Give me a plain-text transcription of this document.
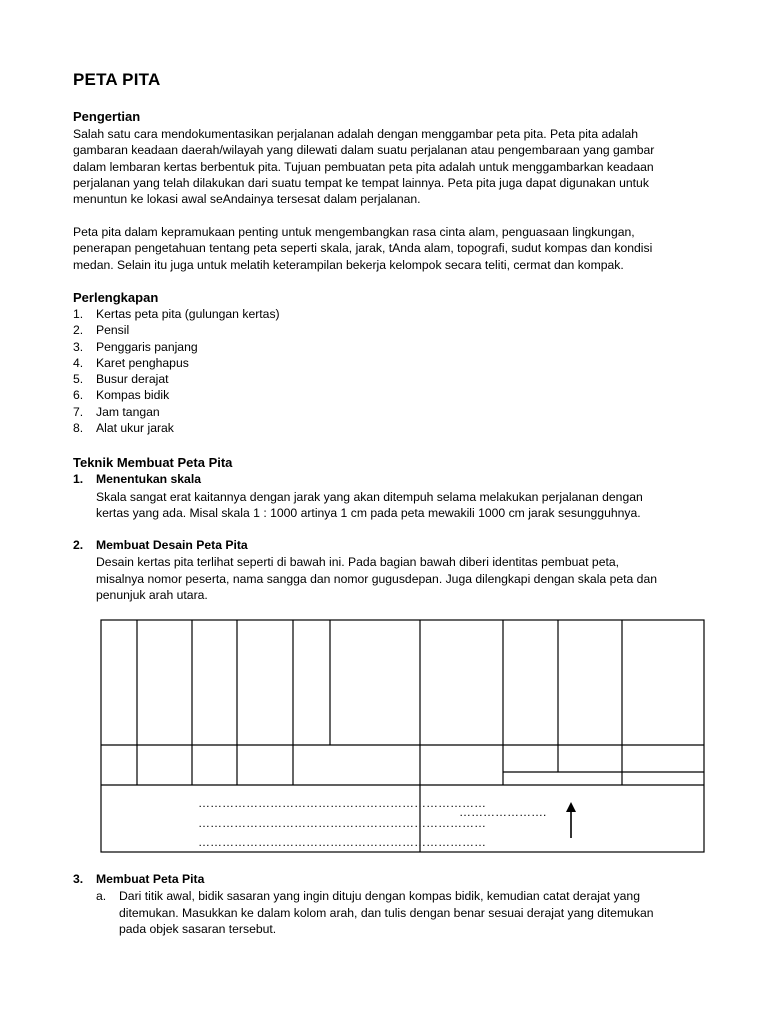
PETA PITA
Pengertian
Salah satu cara mendokumentasikan perjalanan adalah dengan menggambar peta pita. Peta pita adalah
gambaran keadaan daerah/wilayah yang dilewati dalam suatu perjalanan atau pengembaraan yang gambar
dalam lembaran kertas berbentuk pita. Tujuan pembuatan peta pita adalah untuk menggambarkan keadaan
perjalanan yang telah dilakukan dari suatu tempat ke tempat lainnya. Peta pita juga dapat digunakan untuk
menuntun ke lokasi awal seAndainya tersesat dalam perjalanan.
Peta pita dalam kepramukaan penting untuk mengembangkan rasa cinta alam, penguasaan lingkungan,
penerapan pengetahuan tentang peta seperti skala, jarak, tAnda alam, topografi, sudut kompas dan kondisi
medan. Selain itu juga untuk melatih keterampilan bekerja kelompok secara teliti, cermat dan kompak.
Perlengkapan
1. Kertas peta pita (gulungan kertas)
2. Pensil
3. Penggaris panjang
4. Karet penghapus
5. Busur derajat
6. Kompas bidik
7. Jam tangan
8. Alat ukur jarak
Teknik Membuat Peta Pita
1. Menentukan skala
Skala sangat erat kaitannya dengan jarak yang akan ditempuh selama melakukan perjalanan dengan
kertas yang ada. Misal skala 1 : 1000 artinya 1 cm pada peta mewakili 1000 cm jarak sesungguhnya.
2. Membuat Desain Peta Pita
Desain kertas pita terlihat seperti di bawah ini. Pada bagian bawah diberi identitas pembuat peta,
misalnya nomor peserta, nama sangga dan nomor gugusdepan. Juga dilengkapi dengan skala peta dan
penunjuk arah utara.
………………………………………………………………
………………………………………………………………
………………………………………………………………
………………….
3. Membuat Peta Pita
a. Dari titik awal, bidik sasaran yang ingin dituju dengan kompas bidik, kemudian catat derajat yang
ditemukan. Masukkan ke dalam kolom arah, dan tulis dengan benar sesuai derajat yang ditemukan
pada objek sasaran tersebut.
